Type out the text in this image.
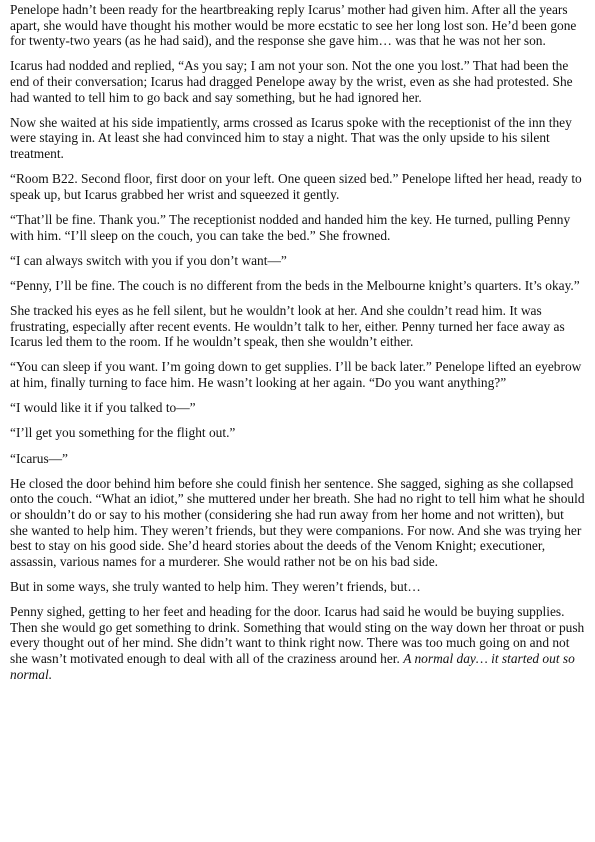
Penelope hadn’t been ready for the heartbreaking reply Icarus’ mother had given him. After all the years apart, she would have thought his mother would be more ecstatic to see her long lost son. He’d been gone for twenty-two years (as he had said), and the response she gave him… was that he was not her son.

Icarus had nodded and replied, “As you say; I am not your son. Not the one you lost.” That had been the end of their conversation; Icarus had dragged Penelope away by the wrist, even as she had protested. She had wanted to tell him to go back and say something, but he had ignored her.

Now she waited at his side impatiently, arms crossed as Icarus spoke with the receptionist of the inn they were staying in. At least she had convinced him to stay a night. That was the only upside to his silent treatment.

“Room B22. Second floor, first door on your left. One queen sized bed.” Penelope lifted her head, ready to speak up, but Icarus grabbed her wrist and squeezed it gently.

“That’ll be fine. Thank you.” The receptionist nodded and handed him the key. He turned, pulling Penny with him. “I’ll sleep on the couch, you can take the bed.” She frowned.

“I can always switch with you if you don’t want—”

“Penny, I’ll be fine. The couch is no different from the beds in the Melbourne knight’s quarters. It’s okay.”

She tracked his eyes as he fell silent, but he wouldn’t look at her. And she couldn’t read him. It was frustrating, especially after recent events. He wouldn’t talk to her, either. Penny turned her face away as Icarus led them to the room. If he wouldn’t speak, then she wouldn’t either.

“You can sleep if you want. I’m going down to get supplies. I’ll be back later.” Penelope lifted an eyebrow at him, finally turning to face him. He wasn’t looking at her again. “Do you want anything?”

“I would like it if you talked to—”

“I’ll get you something for the flight out.”

“Icarus—”

He closed the door behind him before she could finish her sentence. She sagged, sighing as she collapsed onto the couch. “What an idiot,” she muttered under her breath. She had no right to tell him what he should or shouldn’t do or say to his mother (considering she had run away from her home and not written), but she wanted to help him. They weren’t friends, but they were companions. For now. And she was trying her best to stay on his good side. She’d heard stories about the deeds of the Venom Knight; executioner, assassin, various names for a murderer. She would rather not be on his bad side.

But in some ways, she truly wanted to help him. They weren’t friends, but…

Penny sighed, getting to her feet and heading for the door. Icarus had said he would be buying supplies. Then she would go get something to drink. Something that would sting on the way down her throat or push every thought out of her mind. She didn’t want to think right now. There was too much going on and not she wasn’t motivated enough to deal with all of the craziness around her. A normal day… it started out so normal.
